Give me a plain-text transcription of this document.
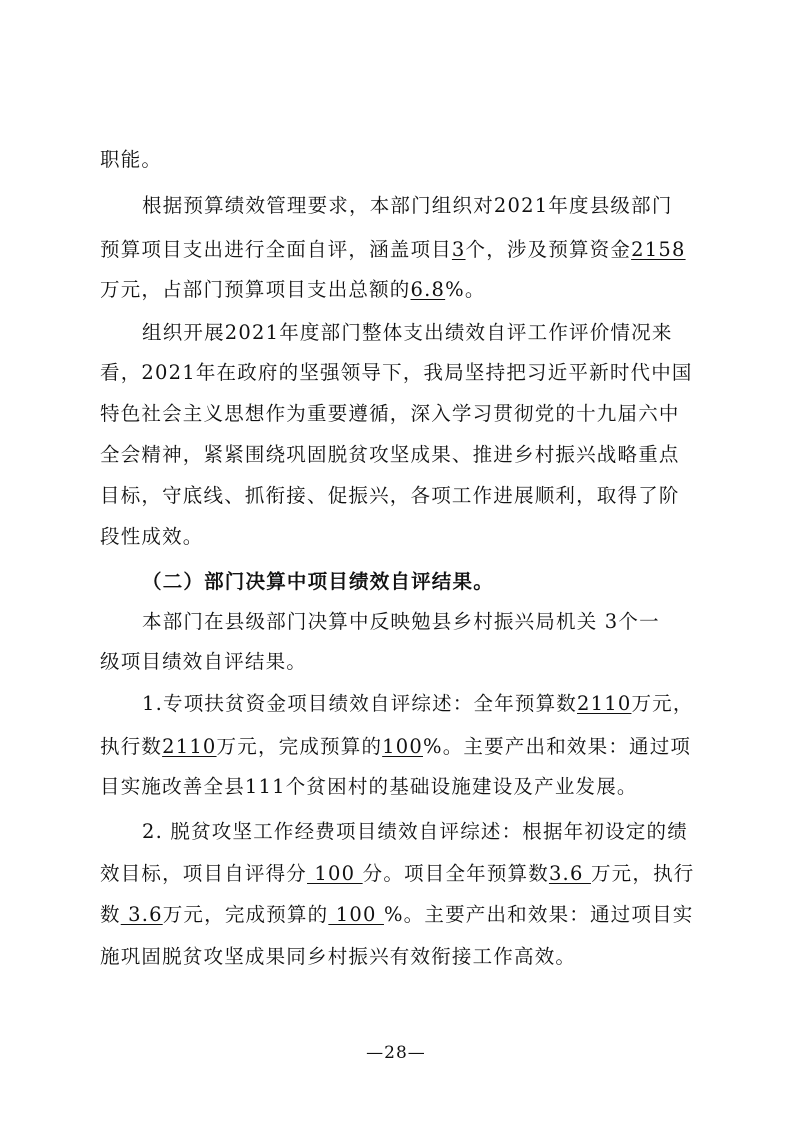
职能。
根据预算绩效管理要求，本部门组织对2021年度县级部门
预算项目支出进行全面自评，涵盖项目3个，涉及预算资金2158
万元，占部门预算项目支出总额的6.8%。
组织开展2021年度部门整体支出绩效自评工作评价情况来
看，2021年在政府的坚强领导下，我局坚持把习近平新时代中国
特色社会主义思想作为重要遵循，深入学习贯彻党的十九届六中
全会精神，紧紧围绕巩固脱贫攻坚成果、推进乡村振兴战略重点
目标，守底线、抓衔接、促振兴，各项工作进展顺利，取得了阶
段性成效。
（二）部门决算中项目绩效自评结果。
本部门在县级部门决算中反映勉县乡村振兴局机关 3个一
级项目绩效自评结果。
1.专项扶贫资金项目绩效自评综述：全年预算数2110万元，
执行数2110万元，完成预算的100%。主要产出和效果：通过项
目实施改善全县111个贫困村的基础设施建设及产业发展。
2. 脱贫攻坚工作经费项目绩效自评综述：根据年初设定的绩
效目标，项目自评得分 100 分。项目全年预算数3.6 万元，执行
数 3.6万元，完成预算的 100 %。主要产出和效果：通过项目实
施巩固脱贫攻坚成果同乡村振兴有效衔接工作高效。
—28—
